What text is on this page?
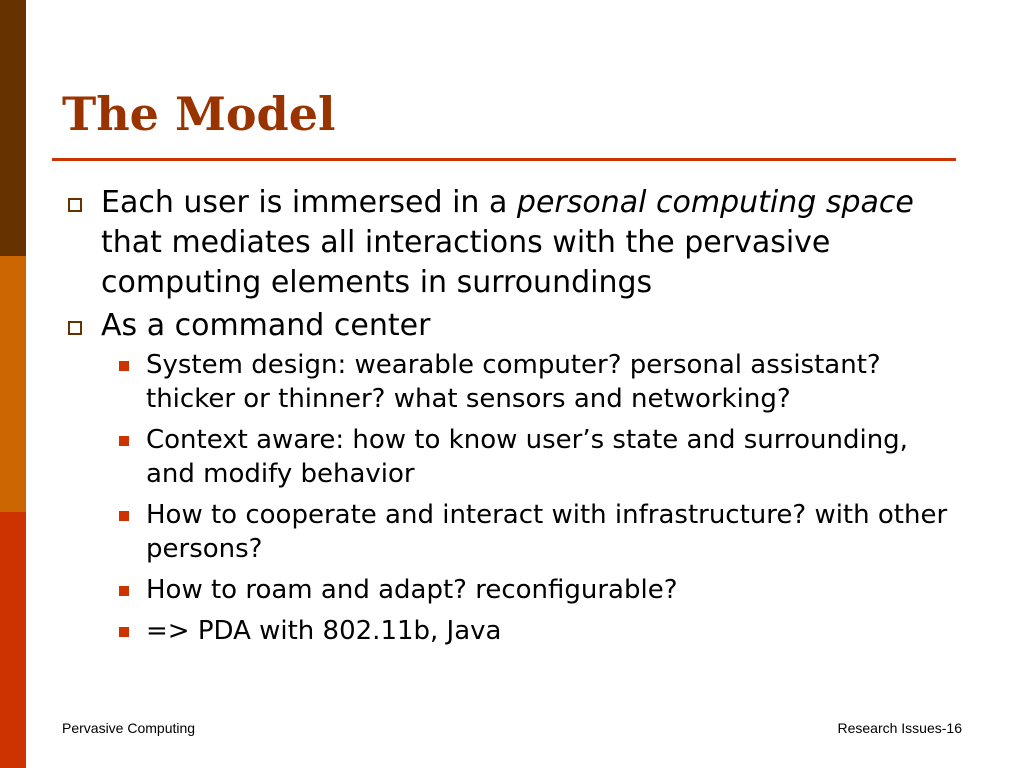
The Model
Each user is immersed in a personal computing space that mediates all interactions with the pervasive computing elements in surroundings
As a command center
System design: wearable computer? personal assistant? thicker or thinner? what sensors and networking?
Context aware: how to know user’s state and surrounding, and modify behavior
How to cooperate and interact with infrastructure? with other persons?
How to roam and adapt? reconfigurable?
=> PDA with 802.11b, Java
Pervasive Computing	Research Issues-16
